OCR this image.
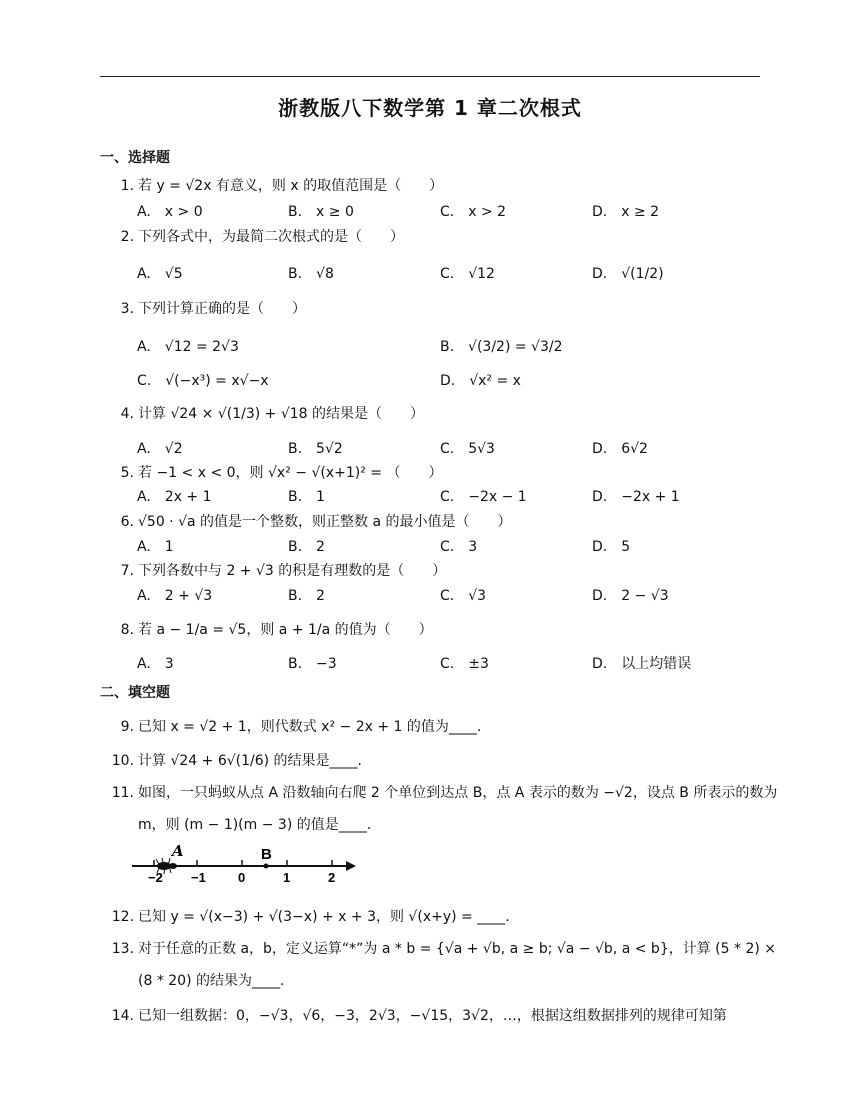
浙教版八下数学第 1 章二次根式
一、选择题
1. 若 y = √2x 有意义，则 x 的取值范围是（　　）
A.　x > 0	B.　x ≥ 0	C.　x > 2	D.　x ≥ 2
2. 下列各式中，为最简二次根式的是（　　）
A.　√5	B.　√8	C.　√12	D.　√(1/2)
3. 下列计算正确的是（　　）
A.　√12 = 2√3	B.　√(3/2) = √3/2
C.　√(−x³) = x√−x	D.　√x² = x
4. 计算 √24 × √(1/3) + √18 的结果是（　　）
A.　√2	B.　5√2	C.　5√3	D.　6√2
5. 若 −1 < x < 0，则 √x² − √(x+1)² = （　　）
A.　2x + 1	B.　1	C.　−2x − 1	D.　−2x + 1
6. √50 · √a 的值是一个整数，则正整数 a 的最小值是（　　）
A.　1	B.　2	C.　3	D.　5
7. 下列各数中与 2 + √3 的积是有理数的是（　　）
A.　2 + √3	B.　2	C.　√3	D.　2 − √3
8. 若 a − 1/a = √5，则 a + 1/a 的值为（　　）
A.　3	B.　−3	C.　±3	D.　以上均错误
二、填空题
9. 已知 x = √2 + 1，则代数式 x² − 2x + 1 的值为____.
10. 计算 √24 + 6√(1/6) 的结果是____.
11. 如图，一只蚂蚁从点 A 沿数轴向右爬 2 个单位到达点 B，点 A 表示的数为 −√2，设点 B 所表示的数为 m，则 (m − 1)(m − 3) 的值是____.
−2 −1 0	1	2
A	B
12. 已知 y = √(x−3) + √(3−x) + x + 3，则 √(x+y) = ____.
13. 对于任意的正数 a，b，定义运算“*”为 a * b = {√a + √b, a ≥ b; √a − √b, a < b}，计算 (5 * 2) × (8 * 20) 的结果为____.
14. 已知一组数据：0，−√3，√6，−3，2√3，−√15，3√2，…，根据这组数据排列的规律可知第
